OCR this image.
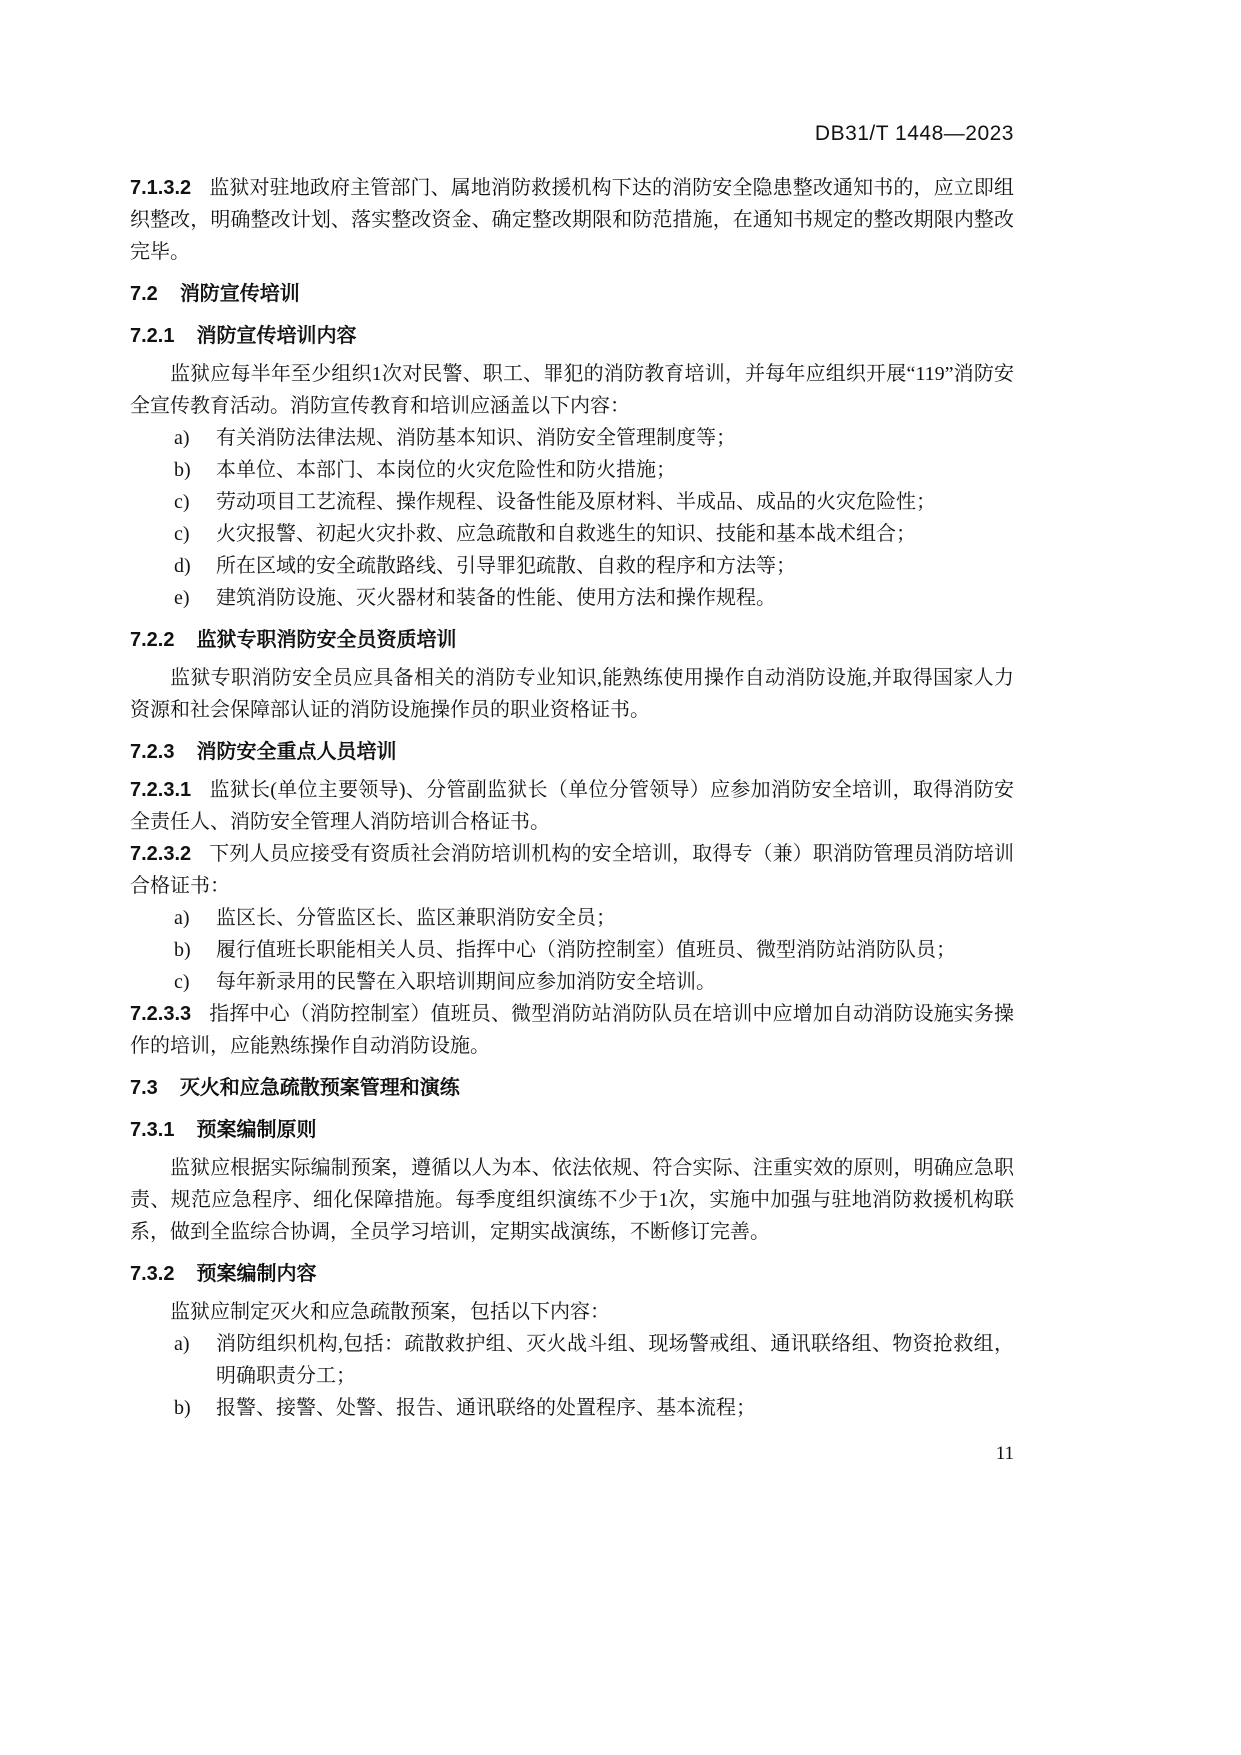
DB31/T 1448—2023

7.1.3.2 监狱对驻地政府主管部门、属地消防救援机构下达的消防安全隐患整改通知书的，应立即组织整改，明确整改计划、落实整改资金、确定整改期限和防范措施，在通知书规定的整改期限内整改完毕。

7.2 消防宣传培训
7.2.1 消防宣传培训内容

监狱应每半年至少组织1次对民警、职工、罪犯的消防教育培训，并每年应组织开展“119”消防安全宣传教育活动。消防宣传教育和培训应涵盖以下内容：

a)	有关消防法律法规、消防基本知识、消防安全管理制度等；
b)	本单位、本部门、本岗位的火灾危险性和防火措施；
c)	劳动项目工艺流程、操作规程、设备性能及原材料、半成品、成品的火灾危险性；
c)	火灾报警、初起火灾扑救、应急疏散和自救逃生的知识、技能和基本战术组合；
d)	所在区域的安全疏散路线、引导罪犯疏散、自救的程序和方法等；
e)	建筑消防设施、灭火器材和装备的性能、使用方法和操作规程。
7.2.2 监狱专职消防安全员资质培训

监狱专职消防安全员应具备相关的消防专业知识,能熟练使用操作自动消防设施,并取得国家人力资源和社会保障部认证的消防设施操作员的职业资格证书。

7.2.3 消防安全重点人员培训

7.2.3.1 监狱长(单位主要领导)、分管副监狱长（单位分管领导）应参加消防安全培训，取得消防安全责任人、消防安全管理人消防培训合格证书。

7.2.3.2 下列人员应接受有资质社会消防培训机构的安全培训，取得专（兼）职消防管理员消防培训合格证书：

a)	监区长、分管监区长、监区兼职消防安全员；
b)	履行值班长职能相关人员、指挥中心（消防控制室）值班员、微型消防站消防队员；
c)	每年新录用的民警在入职培训期间应参加消防安全培训。

7.2.3.3 指挥中心（消防控制室）值班员、微型消防站消防队员在培训中应增加自动消防设施实务操作的培训，应能熟练操作自动消防设施。

7.3 灭火和应急疏散预案管理和演练
7.3.1 预案编制原则

监狱应根据实际编制预案，遵循以人为本、依法依规、符合实际、注重实效的原则，明确应急职责、规范应急程序、细化保障措施。每季度组织演练不少于1次，实施中加强与驻地消防救援机构联系，做到全监综合协调，全员学习培训，定期实战演练，不断修订完善。

7.3.2 预案编制内容

监狱应制定灭火和应急疏散预案，包括以下内容：

a)	消防组织机构,包括：疏散救护组、灭火战斗组、现场警戒组、通讯联络组、物资抢救组，明确职责分工；
b)	报警、接警、处警、报告、通讯联络的处置程序、基本流程；
11
